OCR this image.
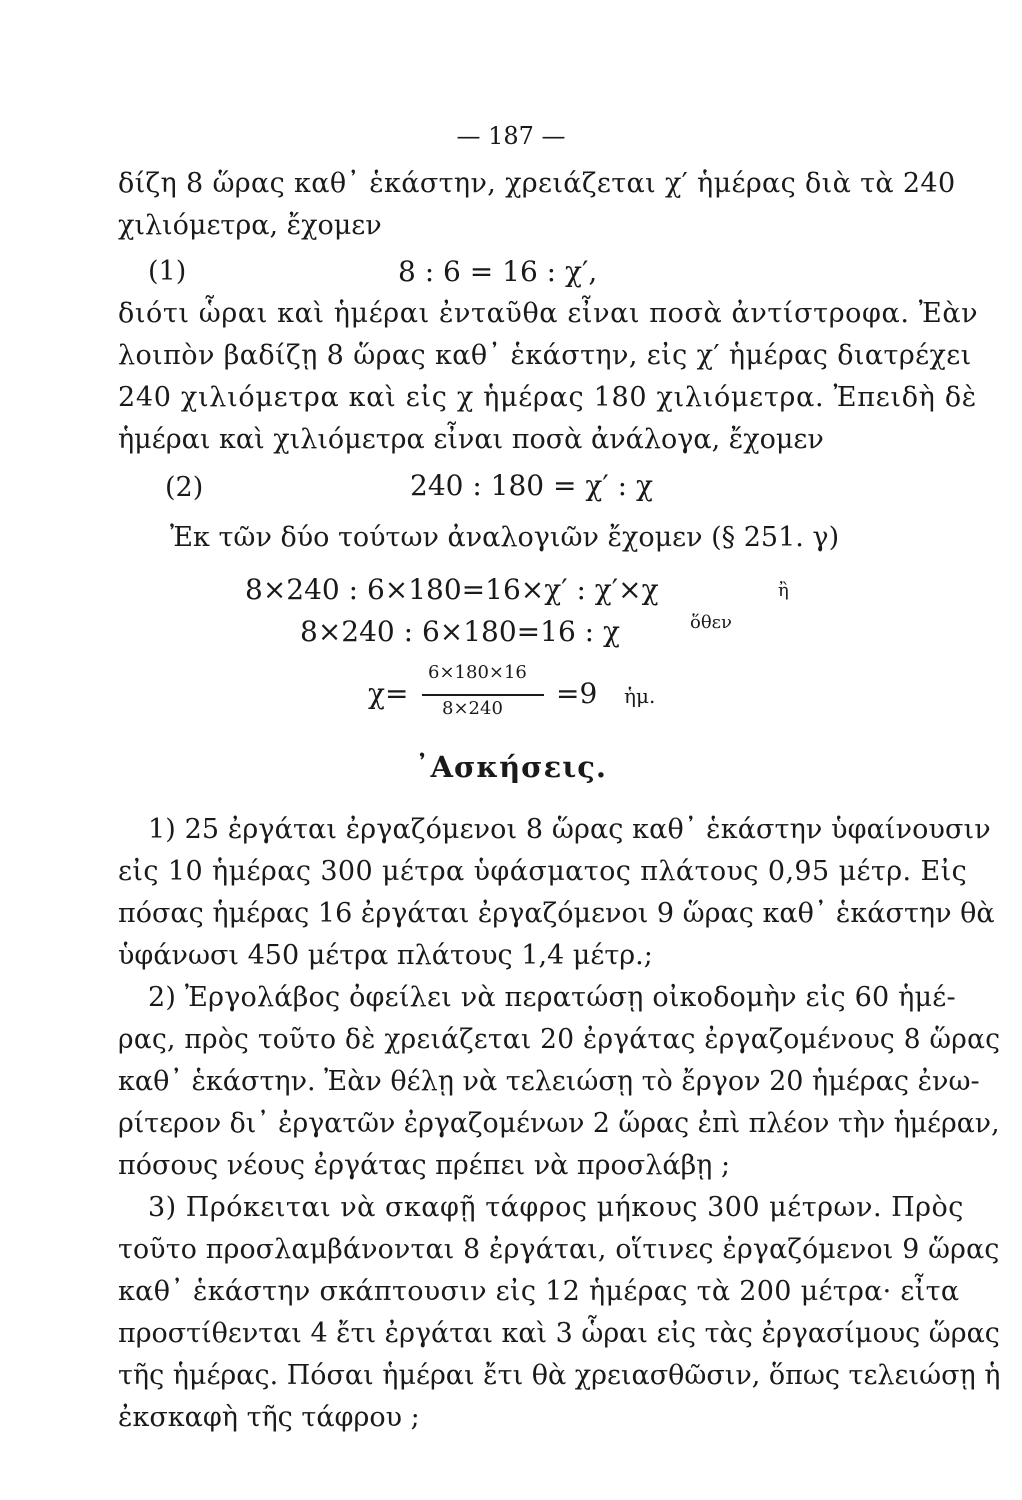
— 187 —
δίζη 8 ὥρας καθ᾽ ἑκάστην, χρειάζεται χ′ ἡμέρας διὰ τὰ 240
χιλιόμετρα, ἔχομεν
(1)	8 : 6 = 16 : χ′,
διότι ὧραι καὶ ἡμέραι ἐνταῦθα εἶναι ποσὰ ἀντίστροφα. Ἐὰν
λοιπὸν βαδίζῃ 8 ὥρας καθ᾽ ἑκάστην, εἰς χ′ ἡμέρας διατρέχει
240 χιλιόμετρα καὶ εἰς χ ἡμέρας 180 χιλιόμετρα. Ἐπειδὴ δὲ
ἡμέραι καὶ χιλιόμετρα εἶναι ποσὰ ἀνάλογα, ἔχομεν
(2)	240 : 180 = χ′ : χ
Ἐκ τῶν δύο τούτων ἀναλογιῶν ἔχομεν (§ 251. γ)
8×240 : 6×180=16×χ′ : χ′×χ	ἢ
8×240 : 6×180=16 : χ	ὅθεν
χ=
6×180×16
8×240 =9 ἡμ.
᾽Ασκήσεις.
1) 25 ἐργάται ἐργαζόμενοι 8 ὥρας καθ᾽ ἑκάστην ὑφαίνουσιν
εἰς 10 ἡμέρας 300 μέτρα ὑφάσματος πλάτους 0,95 μέτρ. Εἰς
πόσας ἡμέρας 16 ἐργάται ἐργαζόμενοι 9 ὥρας καθ᾽ ἑκάστην θὰ
ὑφάνωσι 450 μέτρα πλάτους 1,4 μέτρ.;
2) Ἐργολάβος ὀφείλει νὰ περατώσῃ οἰκοδομὴν εἰς 60 ἡμέ-
ρας, πρὸς τοῦτο δὲ χρειάζεται 20 ἐργάτας ἐργαζομένους 8 ὥρας
καθ᾽ ἑκάστην. Ἐὰν θέλῃ νὰ τελειώσῃ τὸ ἔργον 20 ἡμέρας ἐνω-
ρίτερον δι᾽ ἐργατῶν ἐργαζομένων 2 ὥρας ἐπὶ πλέον τὴν ἡμέραν,
πόσους νέους ἐργάτας πρέπει νὰ προσλάβῃ ;
3) Πρόκειται νὰ σκαφῇ τάφρος μήκους 300 μέτρων. Πρὸς
τοῦτο προσλαμβάνονται 8 ἐργάται, οἵτινες ἐργαζόμενοι 9 ὥρας
καθ᾽ ἑκάστην σκάπτουσιν εἰς 12 ἡμέρας τὰ 200 μέτρα· εἶτα
προστίθενται 4 ἔτι ἐργάται καὶ 3 ὧραι εἰς τὰς ἐργασίμους ὥρας
τῆς ἡμέρας. Πόσαι ἡμέραι ἔτι θὰ χρειασθῶσιν, ὅπως τελειώσῃ ἡ
ἐκσκαφὴ τῆς τάφρου ;
